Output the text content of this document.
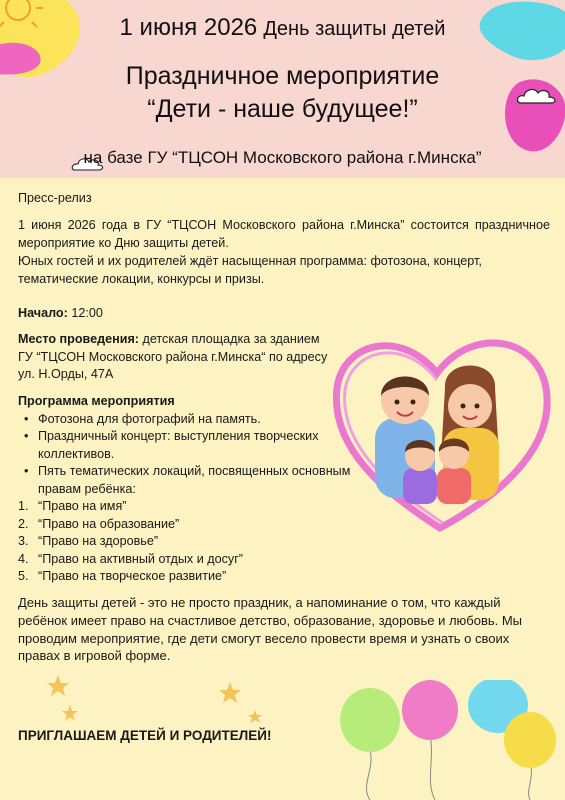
1 июня 2026 День защиты детей
Праздничное мероприятие
“Дети - наше будущее!”
на базе ГУ “ТЦСОН Московского района г.Минска”
Пресс-релиз
1 июня 2026 года в ГУ “ТЦСОН Московского района г.Минска” состоится праздничное мероприятие ко Дню защиты детей.
Юных гостей и их родителей ждёт насыщенная программа: фотозона, концерт, тематические локации, конкурсы и призы.
Начало: 12:00
Место проведения: детская площадка за зданием
ГУ “ТЦСОН Московского района г.Минска“ по адресу
ул. Н.Орды, 47А
Программа мероприятия
• Фотозона для фотографий на память.
• Праздничный концерт: выступления творческих коллективов.
• Пять тематических локаций, посвященных основным правам ребёнка:
1. “Право на имя”
2. “Право на образование”
3. “Право на здоровье”
4. “Право на активный отдых и досуг”
5. “Право на творческое развитие”
День защиты детей - это не просто праздник, а напоминание о том, что каждый ребёнок имеет право на счастливое детство, образование, здоровье и любовь. Мы проводим мероприятие, где дети смогут весело провести время и узнать о своих правах в игровой форме.
ПРИГЛАШАЕМ ДЕТЕЙ И РОДИТЕЛЕЙ!
